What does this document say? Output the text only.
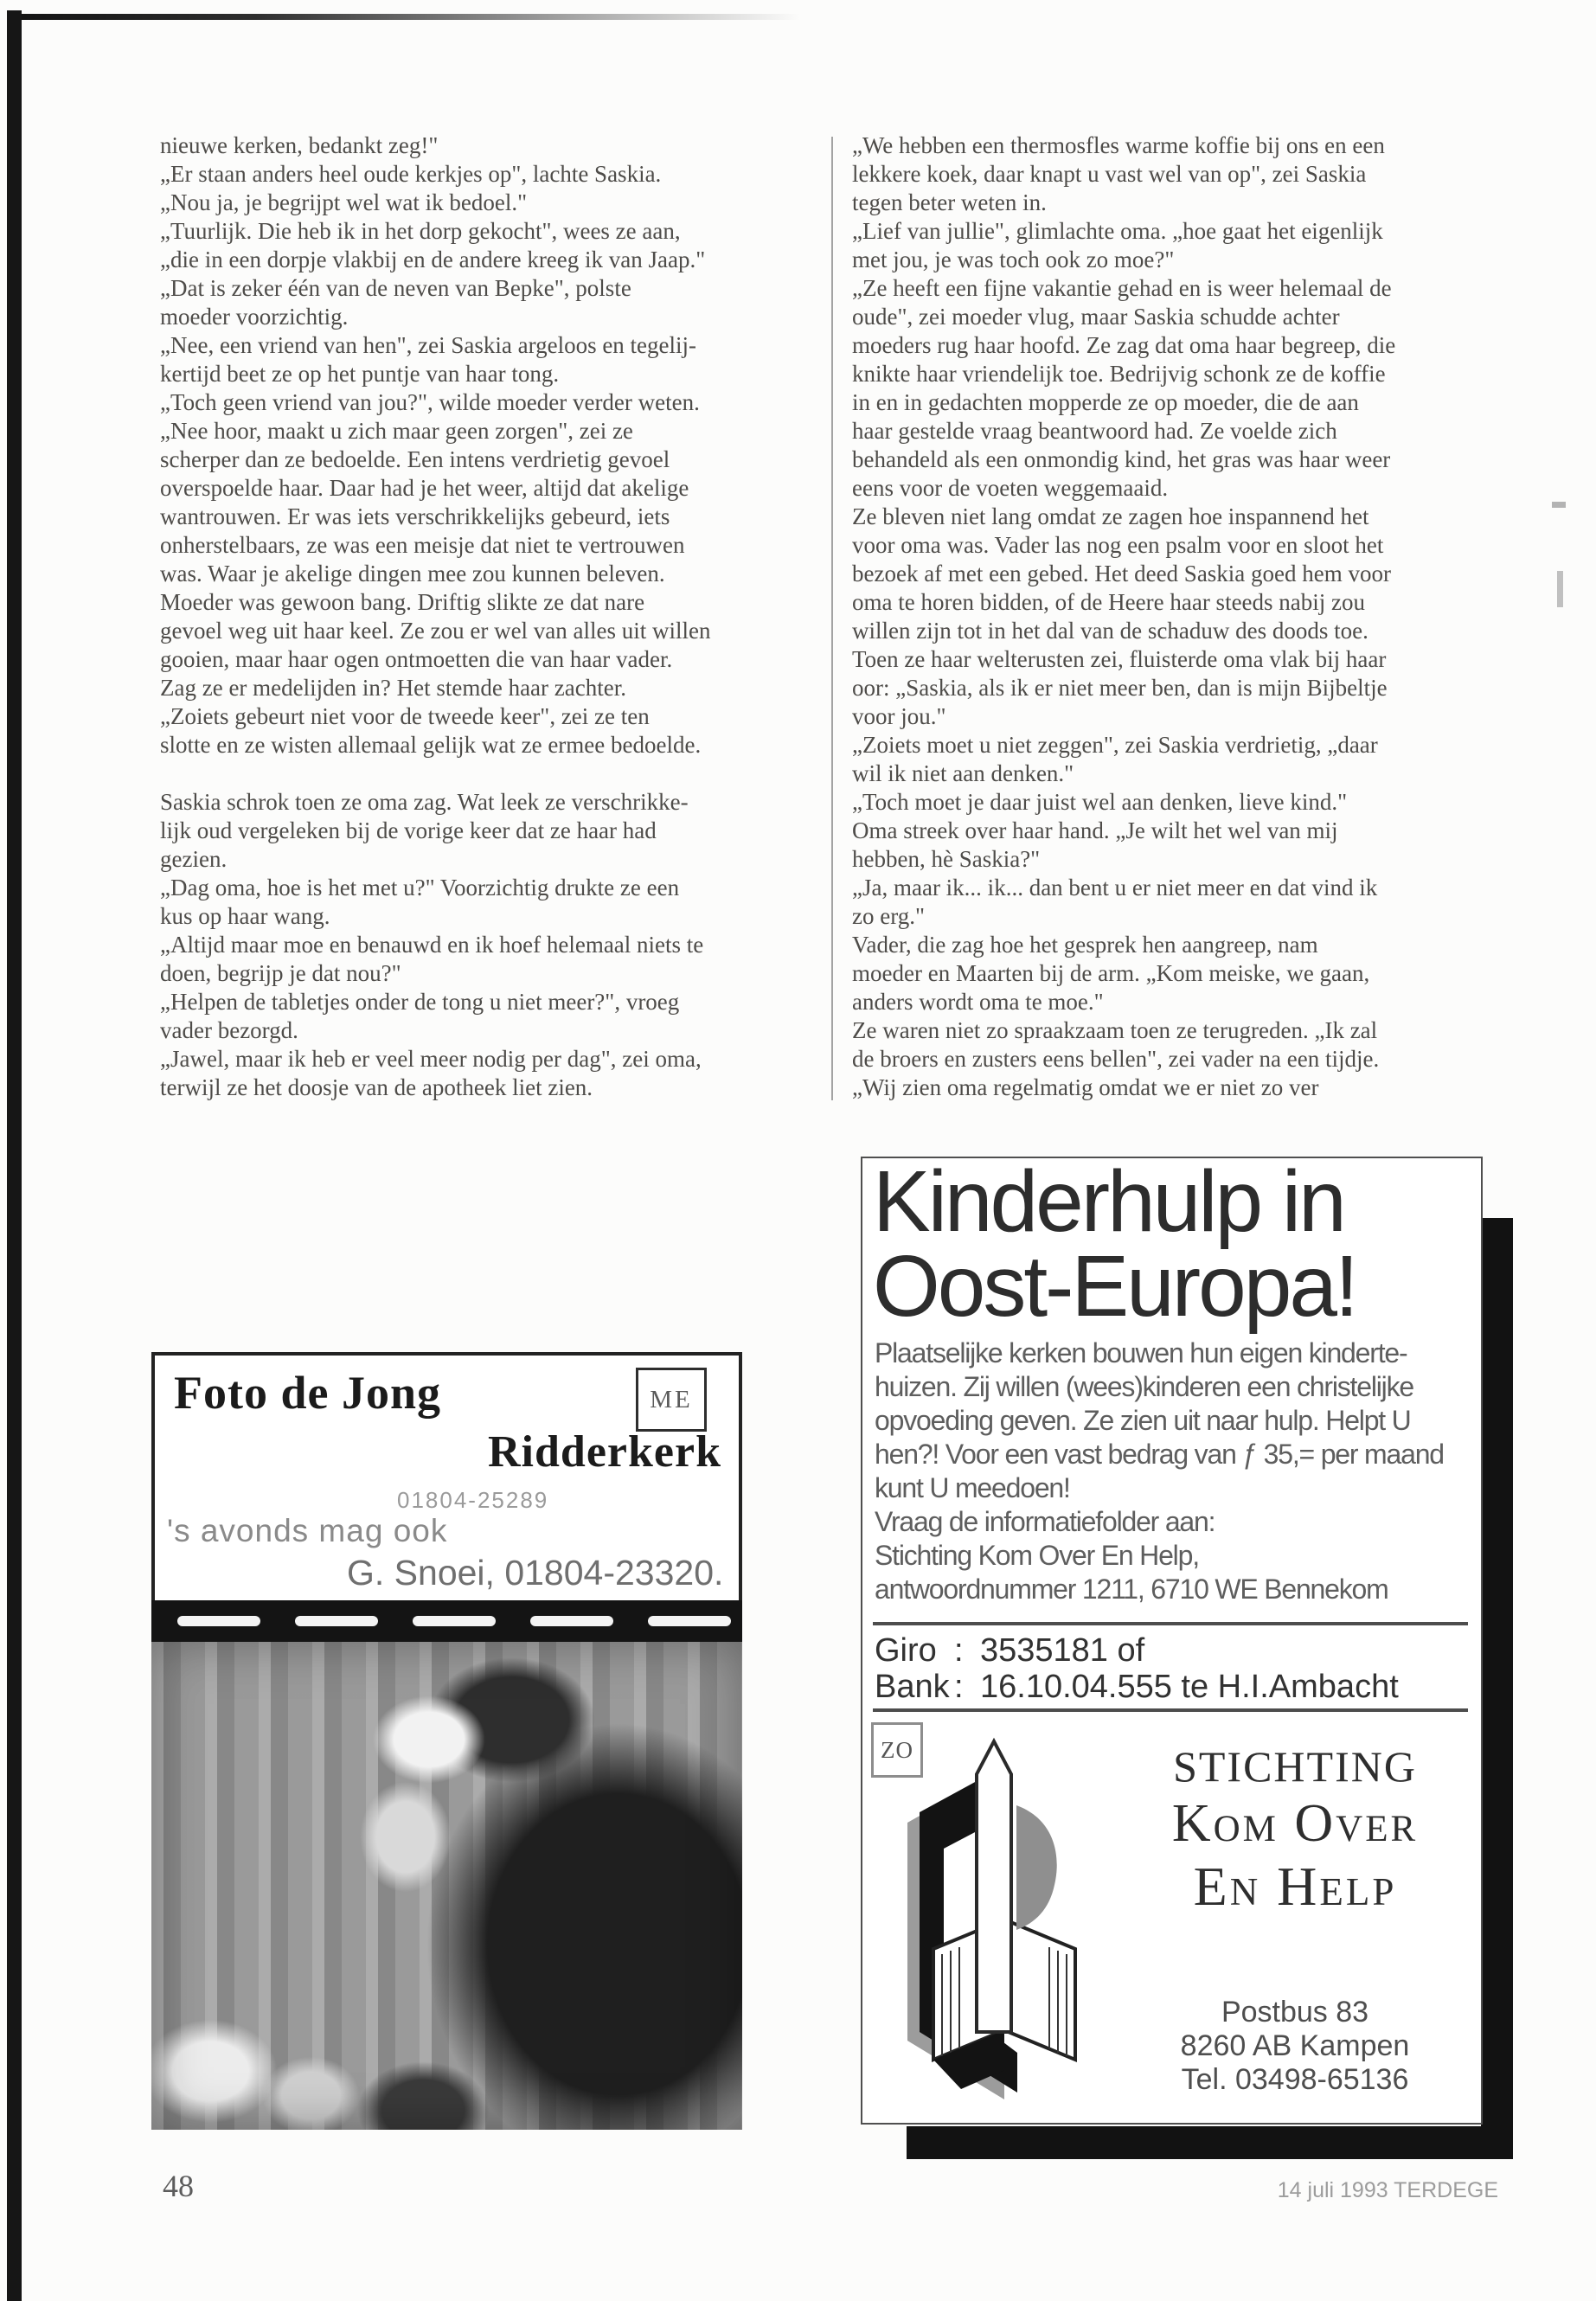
nieuwe kerken, bedankt zeg!"
„Er staan anders heel oude kerkjes op", lachte Saskia.
„Nou ja, je begrijpt wel wat ik bedoel."
„Tuurlijk. Die heb ik in het dorp gekocht", wees ze aan,
„die in een dorpje vlakbij en de andere kreeg ik van Jaap."
„Dat is zeker één van de neven van Bepke", polste
moeder voorzichtig.
„Nee, een vriend van hen", zei Saskia argeloos en tegelij-
kertijd beet ze op het puntje van haar tong.
„Toch geen vriend van jou?", wilde moeder verder weten.
„Nee hoor, maakt u zich maar geen zorgen", zei ze
scherper dan ze bedoelde. Een intens verdrietig gevoel
overspoelde haar. Daar had je het weer, altijd dat akelige
wantrouwen. Er was iets verschrikkelijks gebeurd, iets
onherstelbaars, ze was een meisje dat niet te vertrouwen
was. Waar je akelige dingen mee zou kunnen beleven.
Moeder was gewoon bang. Driftig slikte ze dat nare
gevoel weg uit haar keel. Ze zou er wel van alles uit willen
gooien, maar haar ogen ontmoetten die van haar vader.
Zag ze er medelijden in? Het stemde haar zachter.
„Zoiets gebeurt niet voor de tweede keer", zei ze ten
slotte en ze wisten allemaal gelijk wat ze ermee bedoelde.
Saskia schrok toen ze oma zag. Wat leek ze verschrikke-
lijk oud vergeleken bij de vorige keer dat ze haar had
gezien.
„Dag oma, hoe is het met u?" Voorzichtig drukte ze een
kus op haar wang.
„Altijd maar moe en benauwd en ik hoef helemaal niets te
doen, begrijp je dat nou?"
„Helpen de tabletjes onder de tong u niet meer?", vroeg
vader bezorgd.
„Jawel, maar ik heb er veel meer nodig per dag", zei oma,
terwijl ze het doosje van de apotheek liet zien.
„We hebben een thermosfles warme koffie bij ons en een
lekkere koek, daar knapt u vast wel van op", zei Saskia
tegen beter weten in.
„Lief van jullie", glimlachte oma. „hoe gaat het eigenlijk
met jou, je was toch ook zo moe?"
„Ze heeft een fijne vakantie gehad en is weer helemaal de
oude", zei moeder vlug, maar Saskia schudde achter
moeders rug haar hoofd. Ze zag dat oma haar begreep, die
knikte haar vriendelijk toe. Bedrijvig schonk ze de koffie
in en in gedachten mopperde ze op moeder, die de aan
haar gestelde vraag beantwoord had. Ze voelde zich
behandeld als een onmondig kind, het gras was haar weer
eens voor de voeten weggemaaid.
Ze bleven niet lang omdat ze zagen hoe inspannend het
voor oma was. Vader las nog een psalm voor en sloot het
bezoek af met een gebed. Het deed Saskia goed hem voor
oma te horen bidden, of de Heere haar steeds nabij zou
willen zijn tot in het dal van de schaduw des doods toe.
Toen ze haar welterusten zei, fluisterde oma vlak bij haar
oor: „Saskia, als ik er niet meer ben, dan is mijn Bijbeltje
voor jou."
„Zoiets moet u niet zeggen", zei Saskia verdrietig, „daar
wil ik niet aan denken."
„Toch moet je daar juist wel aan denken, lieve kind."
Oma streek over haar hand. „Je wilt het wel van mij
hebben, hè Saskia?"
„Ja, maar ik... ik... dan bent u er niet meer en dat vind ik
zo erg."
Vader, die zag hoe het gesprek hen aangreep, nam
moeder en Maarten bij de arm. „Kom meiske, we gaan,
anders wordt oma te moe."
Ze waren niet zo spraakzaam toen ze terugreden. „Ik zal
de broers en zusters eens bellen", zei vader na een tijdje.
„Wij zien oma regelmatig omdat we er niet zo ver
Foto de Jong	ME
Ridderkerk
01804-25289
's avonds mag ook
G. Snoei, 01804-23320.
Kinderhulp in
Oost-Europa!
Plaatselijke kerken bouwen hun eigen kinderte-
huizen. Zij willen (wees)kinderen een christelijke
opvoeding geven. Ze zien uit naar hulp. Helpt U
hen?! Voor een vast bedrag van ƒ 35,= per maand
kunt U meedoen!
Vraag de informatiefolder aan:
Stichting Kom Over En Help,
antwoordnummer 1211, 6710 WE Bennekom
Giro : 3535181 of
Bank : 16.10.04.555 te H.I.Ambacht
ZO	STICHTING
Kom Over
En Help
Postbus 83
8260 AB Kampen
Tel. 03498-65136
48	14 juli 1993 TERDEGE
